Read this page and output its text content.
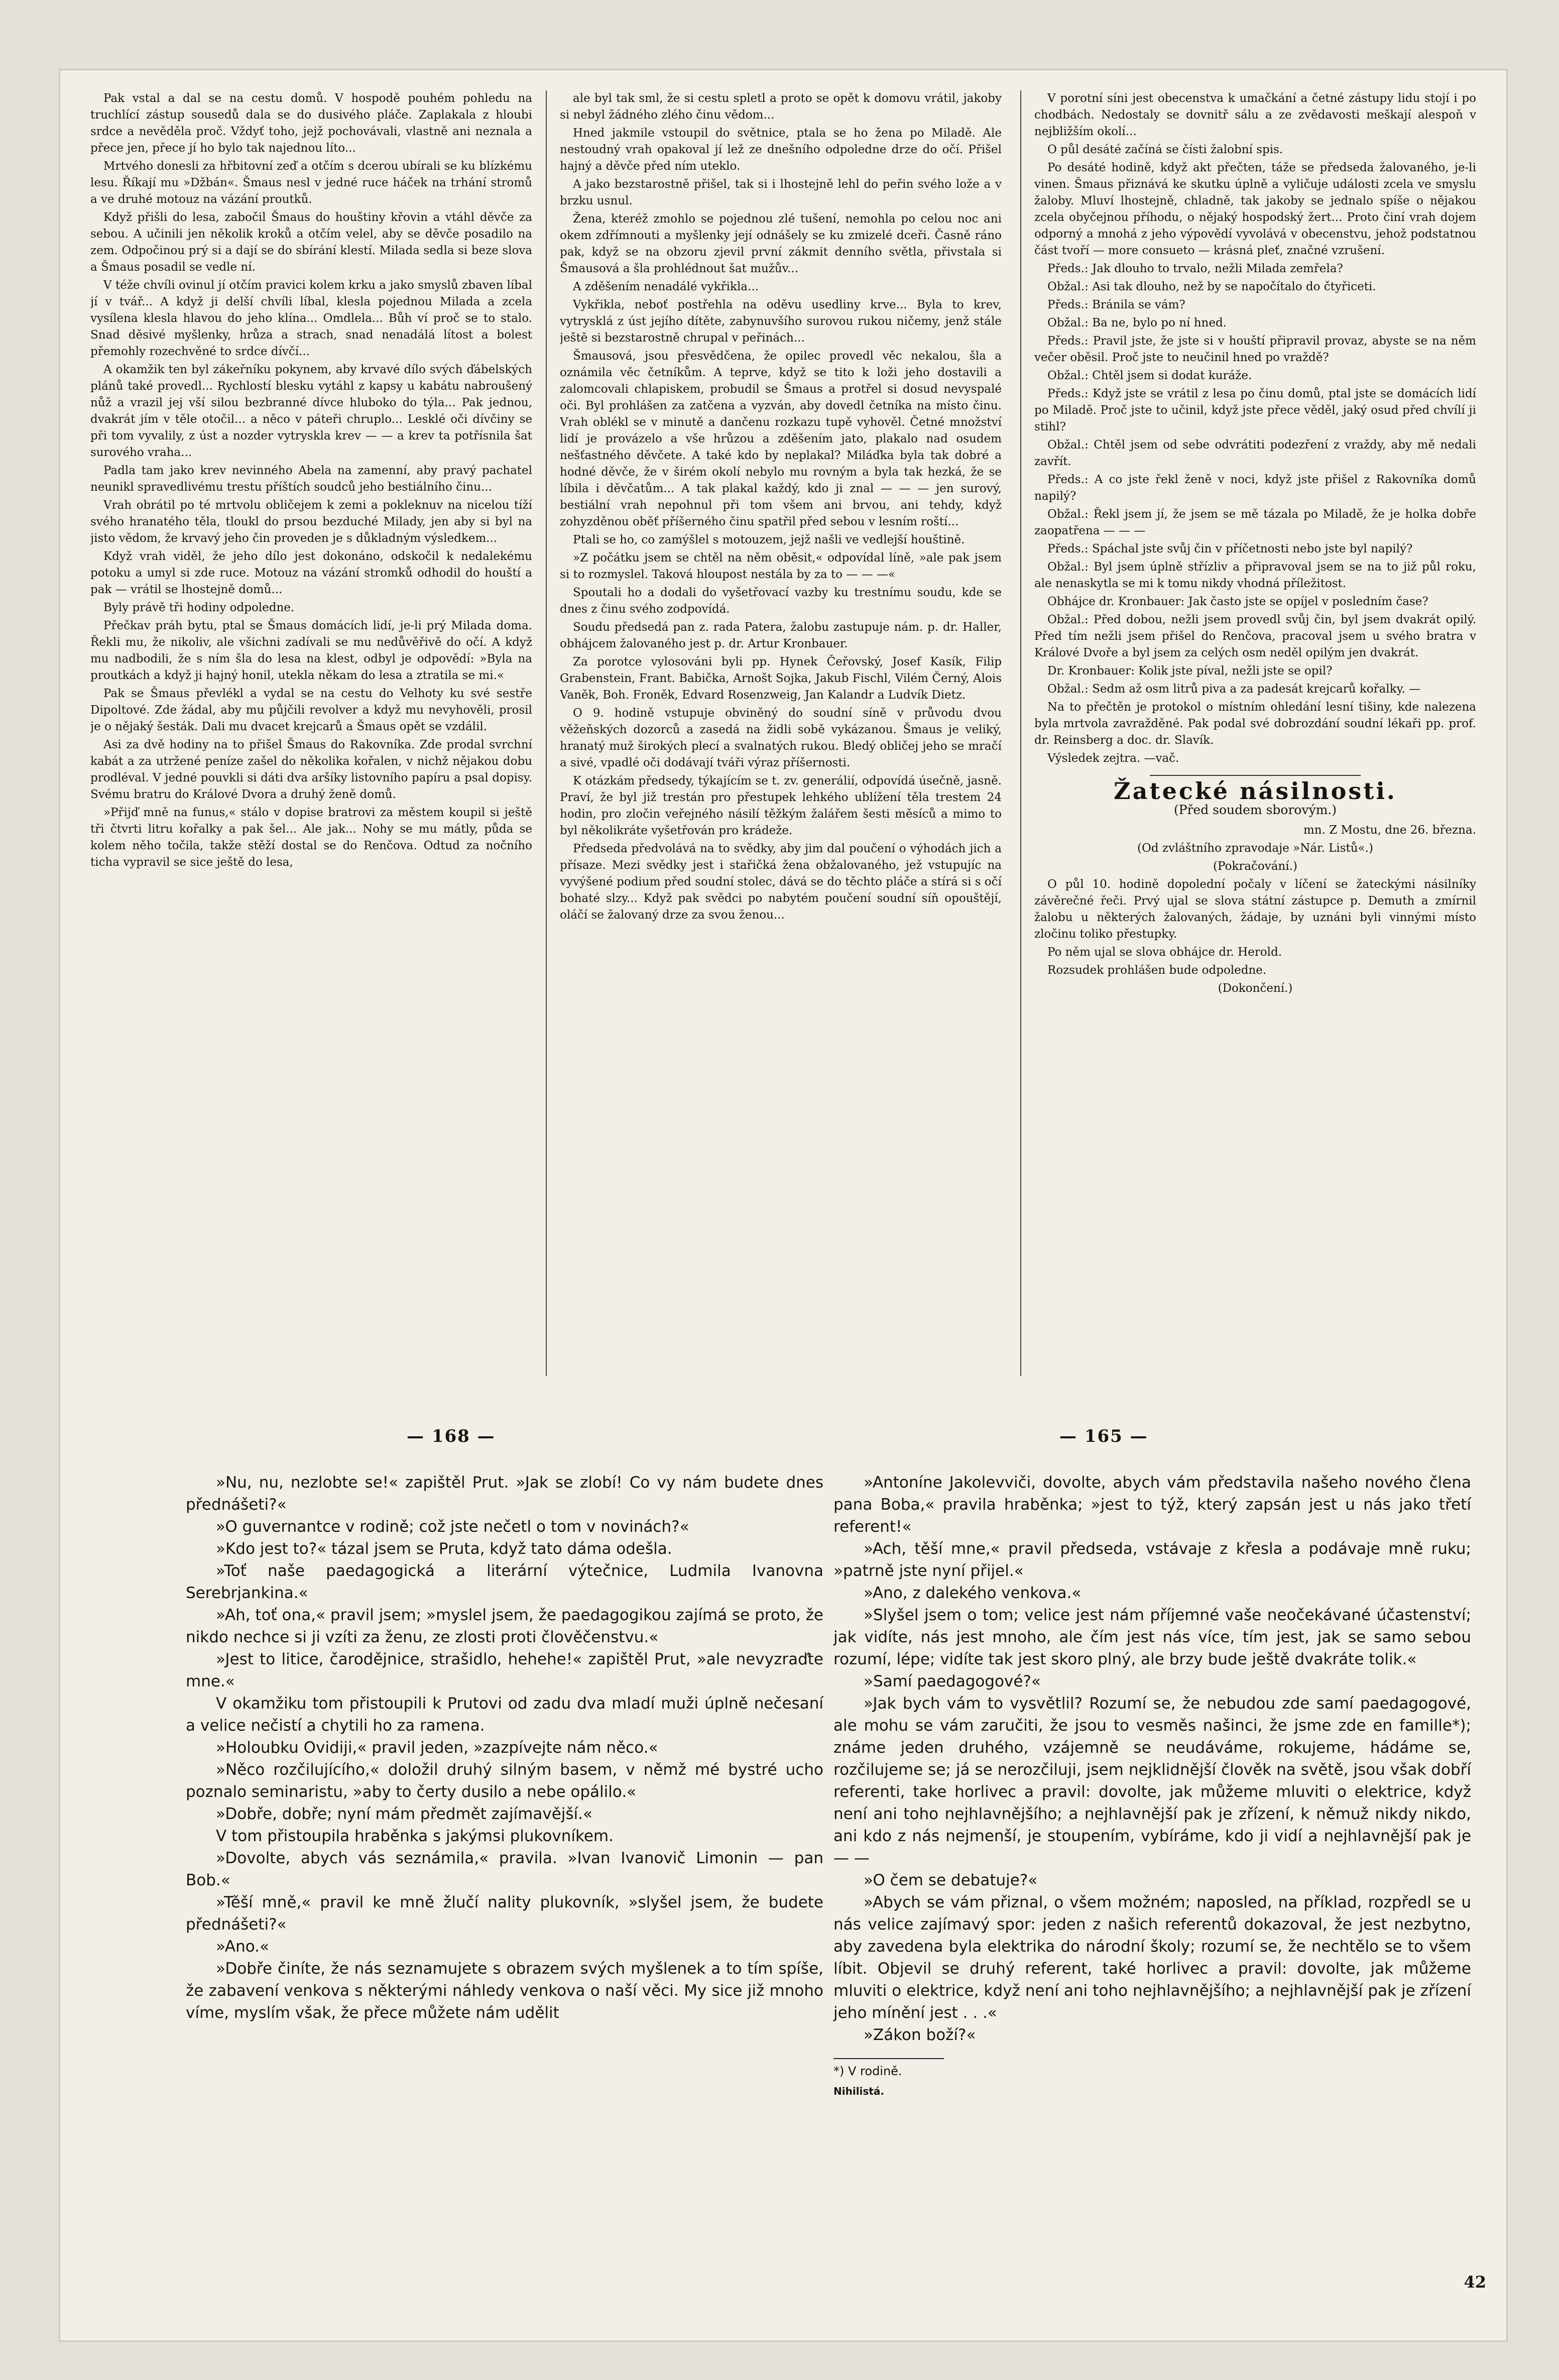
Pak vstal a dal se na cestu domů. V hospodě pouhém pohledu na truchlící zástup sousedů dala se do dusivého pláče. Zaplakala z hloubi srdce a nevěděla proč. Vždyť toho, jejž pochovávali, vlastně ani neznala a přece jen, přece jí ho bylo tak najednou líto...

Mrtvého donesli za hřbitovní zeď a otčím s dcerou ubírali se ku blízkému lesu. Říkají mu »Džbán«. Šmaus nesl v jedné ruce háček na trhání stromů a ve druhé motouz na vázání proutků.

Když přišli do lesa, zabočil Šmaus do houštiny křovin a vtáhl děvče za sebou. A učinili jen několik kroků a otčím velel, aby se děvče posadilo na zem. Odpočinou prý si a dají se do sbírání klestí. Milada sedla si beze slova a Šmaus posadil se vedle ní.

V téže chvíli ovinul jí otčím pravici kolem krku a jako smyslů zbaven líbal jí v tvář... A když ji delší chvíli líbal, klesla pojednou Milada a zcela vysílena klesla hlavou do jeho klína... Omdlela... Bůh ví proč se to stalo. Snad děsivé myšlenky, hrůza a strach, snad nenadálá lítost a bolest přemohly rozechvěné to srdce dívčí...

A okamžik ten byl zákeřníku pokynem, aby krvavé dílo svých ďábelských plánů také provedl... Rychlostí blesku vytáhl z kapsy u kabátu nabroušený nůž a vrazil jej vší silou bezbranné dívce hluboko do týla... Pak jednou, dvakrát jím v těle otočil... a něco v páteři chruplo... Lesklé oči dívčiny se při tom vyvalily, z úst a nozder vytryskla krev — — a krev ta potřísnila šat surového vraha...

Padla tam jako krev nevinného Abela na zamenní, aby pravý pachatel neunikl spravedlivému trestu příštích soudců jeho bestiálního činu...

Vrah obrátil po té mrtvolu obličejem k zemi a pokleknuv na nicelou tíží svého hranatého těla, tloukl do prsou bezduché Milady, jen aby si byl na jisto vědom, že krvavý jeho čin proveden je s důkladným výsledkem...

Když vrah viděl, že jeho dílo jest dokonáno, odskočil k nedalekému potoku a umyl si zde ruce. Motouz na vázání stromků odhodil do houští a pak — vrátil se lhostejně domů...

Byly právě tři hodiny odpoledne.

Přečkav práh bytu, ptal se Šmaus domácích lidí, je-li prý Milada doma. Řekli mu, že nikoliv, ale všichni zadívali se mu nedůvěřivě do očí. A když mu nadbodili, že s ním šla do lesa na klest, odbyl je odpovědí: »Byla na proutkách a když ji hajný honil, utekla někam do lesa a ztratila se mi.«

Pak se Šmaus převlékl a vydal se na cestu do Velhoty ku své sestře Dipoltové. Zde žádal, aby mu půjčili revolver a když mu nevyhověli, prosil je o nějaký šesták. Dali mu dvacet krejcarů a Šmaus opět se vzdálil.

Asi za dvě hodiny na to přišel Šmaus do Rakovníka. Zde prodal svrchní kabát a za utržené peníze zašel do několika kořalen, v nichž nějakou dobu prodléval. V jedné pouvkli si dáti dva aršíky listovního papíru a psal dopisy. Svému bratru do Králové Dvora a druhý ženě domů.

»Přijď mně na funus,« stálo v dopise bratrovi za městem koupil si ještě tři čtvrti litru kořalky a pak šel... Ale jak... Nohy se mu mátly, půda se kolem něho točila, takže stěží dostal se do Renčova. Odtud za nočního ticha vypravil se sice ještě do lesa,

ale byl tak sml, že si cestu spletl a proto se opět k domovu vrátil, jakoby si nebyl žádného zlého činu vědom...

Hned jakmile vstoupil do světnice, ptala se ho žena po Miladě. Ale nestoudný vrah opakoval jí lež ze dnešního odpoledne drze do očí. Přišel hajný a děvče před ním uteklo.

A jako bezstarostně přišel, tak si i lhostejně lehl do peřin svého lože a v brzku usnul.

Žena, kteréž zmohlo se pojednou zlé tušení, nemohla po celou noc ani okem zdřímnouti a myšlenky její odnášely se ku zmizelé dceři. Časně ráno pak, když se na obzoru zjevil první zákmit denního světla, přivstala si Šmausová a šla prohlédnout šat mužův...

A zděšením nenadálé vykřikla...

Vykřikla, neboť postřehla na oděvu usedliny krve... Byla to krev, vytrysklá z úst jejího dítěte, zabynuvšího surovou rukou ničemy, jenž stále ještě si bezstarostně chrupal v peřinách...

Šmausová, jsou přesvědčena, že opilec provedl věc nekalou, šla a oznámila věc četníkům. A teprve, když se tito k loži jeho dostavili a zalomcovali chlapiskem, probudil se Šmaus a protřel si dosud nevyspalé oči. Byl prohlášen za zatčena a vyzván, aby dovedl četníka na místo činu. Vrah oblékl se v minutě a dančenu rozkazu tupě vyhověl. Četné množství lidí je provázelo a vše hrůzou a zděšením jato, plakalo nad osudem nešťastného děvčete. A také kdo by neplakal? Miláďka byla tak dobré a hodné děvče, že v širém okolí nebylo mu rovným a byla tak hezká, že se líbila i děvčatům... A tak plakal každý, kdo ji znal — — — jen surový, bestiální vrah nepohnul při tom všem ani brvou, ani tehdy, když zohyzděnou oběť příšerného činu spatřil před sebou v lesním roští...

Ptali se ho, co zamýšlel s motouzem, jejž našli ve vedlejší houštině.

»Z počátku jsem se chtěl na něm oběsit,« odpovídal líně, »ale pak jsem si to rozmyslel. Taková hloupost nestála by za to — — —«

Spoutali ho a dodali do vyšetřovací vazby ku trestnímu soudu, kde se dnes z činu svého zodpovídá.

Soudu předsedá pan z. rada Patera, žalobu zastupuje nám. p. dr. Haller, obhájcem žalovaného jest p. dr. Artur Kronbauer.

Za porotce vylosováni byli pp. Hynek Čeřovský, Josef Kasík, Filip Grabenstein, Frant. Babička, Arnošt Sojka, Jakub Fischl, Vilém Černý, Alois Vaněk, Boh. Froněk, Edvard Rosenzweig, Jan Kalandr a Ludvík Dietz.

O 9. hodině vstupuje obviněný do soudní síně v průvodu dvou věžeňských dozorců a zasedá na židli sobě vykázanou. Šmaus je veliký, hranatý muž širokých plecí a svalnatých rukou. Bledý obličej jeho se mračí a sivé, vpadlé oči dodávají tváři výraz příšernosti.

K otázkám předsedy, týkajícím se t. zv. generálií, odpovídá úsečně, jasně. Praví, že byl již trestán pro přestupek lehkého ublížení těla trestem 24 hodin, pro zločin veřejného násilí těžkým žalářem šesti měsíců a mimo to byl několikráte vyšetřován pro krádeže.

Předseda předvolává na to svědky, aby jim dal poučení o výhodách jich a přísaze. Mezi svědky jest i stařičká žena obžalovaného, jež vstupujíc na vyvýšené podium před soudní stolec, dává se do těchto pláče a stírá si s očí bohaté slzy... Když pak svědci po nabytém poučení soudní síň opouštějí, oláčí se žalovaný drze za svou ženou...

V porotní síni jest obecenstva k umačkání a četné zástupy lidu stojí i po chodbách. Nedostaly se dovnitř sálu a ze zvědavosti meškají alespoň v nejbližším okolí...

O půl desáté začíná se čísti žalobní spis.

Po desáté hodině, když akt přečten, táže se předseda žalovaného, je-li vinen. Šmaus přiznává ke skutku úplně a vyličuje události zcela ve smyslu žaloby. Mluví lhostejně, chladně, tak jakoby se jednalo spíše o nějakou zcela obyčejnou příhodu, o nějaký hospodský žert... Proto činí vrah dojem odporný a mnohá z jeho výpovědí vyvolává v obecenstvu, jehož podstatnou část tvoří — more consueto — krásná pleť, značné vzrušení.

Předs.: Jak dlouho to trvalo, nežli Milada zemřela?

Obžal.: Asi tak dlouho, než by se napočítalo do čtyřiceti.

Předs.: Bránila se vám?

Obžal.: Ba ne, bylo po ní hned.

Předs.: Pravil jste, že jste si v houští připravil provaz, abyste se na něm večer oběsil. Proč jste to neučinil hned po vraždě?

Obžal.: Chtěl jsem si dodat kuráže.

Předs.: Když jste se vrátil z lesa po činu domů, ptal jste se domácích lidí po Miladě. Proč jste to učinil, když jste přece věděl, jaký osud před chvílí ji stihl?

Obžal.: Chtěl jsem od sebe odvrátiti podezření z vraždy, aby mě nedali zavřít.

Předs.: A co jste řekl ženě v noci, když jste přišel z Rakovníka domů napilý?

Obžal.: Řekl jsem jí, že jsem se mě tázala po Miladě, že je holka dobře zaopatřena — — —

Předs.: Spáchal jste svůj čin v příčetnosti nebo jste byl napilý?

Obžal.: Byl jsem úplně střízliv a připravoval jsem se na to již půl roku, ale nenaskytla se mi k tomu nikdy vhodná příležitost.

Obhájce dr. Kronbauer: Jak často jste se opíjel v posledním čase?

Obžal.: Před dobou, nežli jsem provedl svůj čin, byl jsem dvakrát opilý. Před tím nežli jsem přišel do Renčova, pracoval jsem u svého bratra v Králové Dvoře a byl jsem za celých osm neděl opilým jen dvakrát.

Dr. Kronbauer: Kolik jste píval, nežli jste se opil?

Obžal.: Sedm až osm litrů piva a za padesát krejcarů kořalky. —

Na to přečtěn je protokol o místním ohledání lesní tišiny, kde nalezena byla mrtvola zavražděné. Pak podal své dobrozdání soudní lékaři pp. prof. dr. Reinsberg a doc. dr. Slavík.

Výsledek zejtra. —vač.

Žatecké násilnosti.
(Před soudem sborovým.)

mn. Z Mostu, dne 26. března.

(Od zvláštního zpravodaje »Nár. Listů«.)

(Pokračování.)

O půl 10. hodině dopolední počaly v líčení se žateckými násilníky závěrečné řeči. Prvý ujal se slova státní zástupce p. Demuth a zmírnil žalobu u některých žalovaných, žádaje, by uznáni byli vinnými místo zločinu toliko přestupky.

Po něm ujal se slova obhájce dr. Herold.

Rozsudek prohlášen bude odpoledne.

(Dokončení.)

— 168 —	— 165 —

»Nu, nu, nezlobte se!« zapištěl Prut. »Jak se zlobí! Co vy nám budete dnes přednášeti?«

»O guvernantce v rodině; což jste nečetl o tom v novinách?«

»Kdo jest to?« tázal jsem se Pruta, když tato dáma odešla.

»Toť naše paedagogická a literární výtečnice, Ludmila Ivanovna Serebrjankina.«

»Ah, toť ona,« pravil jsem; »myslel jsem, že paedagogikou zajímá se proto, že nikdo nechce si ji vzíti za ženu, ze zlosti proti člověčenstvu.«

»Jest to litice, čarodějnice, strašidlo, hehehe!« zapištěl Prut, »ale nevyzraďte mne.«

V okamžiku tom přistoupili k Prutovi od zadu dva mladí muži úplně nečesaní a velice nečistí a chytili ho za ramena.

»Holoubku Ovidiji,« pravil jeden, »zazpívejte nám něco.«

»Něco rozčilujícího,« doložil druhý silným basem, v němž mé bystré ucho poznalo seminaristu, »aby to čerty dusilo a nebe opálilo.«

»Dobře, dobře; nyní mám předmět zajímavější.«

V tom přistoupila hraběnka s jakýmsi plukovníkem.

»Dovolte, abych vás seznámila,« pravila. »Ivan Ivanovič Limonin — pan Bob.«

»Těší mně,« pravil ke mně žlučí nality plukovník, »slyšel jsem, že budete přednášeti?«

»Ano.«

»Dobře činíte, že nás seznamujete s obrazem svých myšlenek a to tím spíše, že zabavení venkova s některými náhledy venkova o naší věci. My sice již mnoho víme, myslím však, že přece můžete nám udělit

»Antoníne Jakolevviči, dovolte, abych vám představila našeho nového člena pana Boba,« pravila hraběnka; »jest to týž, který zapsán jest u nás jako třetí referent!«

»Ach, těší mne,« pravil předseda, vstávaje z křesla a podávaje mně ruku; »patrně jste nyní přijel.«

»Ano, z dalekého venkova.«

»Slyšel jsem o tom; velice jest nám příjemné vaše neočekávané účastenství; jak vidíte, nás jest mnoho, ale čím jest nás více, tím jest, jak se samo sebou rozumí, lépe; vidíte tak jest skoro plný, ale brzy bude ještě dvakráte tolik.«

»Samí paedagogové?«

»Jak bych vám to vysvětlil? Rozumí se, že nebudou zde samí paedagogové, ale mohu se vám zaručiti, že jsou to vesměs našinci, že jsme zde en famille*); známe jeden druhého, vzájemně se neudáváme, rokujeme, hádáme se, rozčilujeme se; já se nerozčiluji, jsem nejklidnější člověk na světě, jsou však dobří referenti, take horlivec a pravil: dovolte, jak můžeme mluviti o elektrice, když není ani toho nejhlavnějšího; a nejhlavnější pak je zřízení, k němuž nikdy nikdo, ani kdo z nás nejmenší, je stoupením, vybíráme, kdo ji vidí a nejhlavnější pak je — —

»O čem se debatuje?«

»Abych se vám přiznal, o všem možném; naposled, na příklad, rozpředl se u nás velice zajímavý spor: jeden z našich referentů dokazoval, že jest nezbytno, aby zavedena byla elektrika do národní školy; rozumí se, že nechtělo se to všem líbit. Objevil se druhý referent, také horlivec a pravil: dovolte, jak můžeme mluviti o elektrice, když není ani toho nejhlavnějšího; a nejhlavnější pak je zřízení jeho mínění jest . . .«

»Zákon boží?«

*) V rodině.

Nihilistá.
42
